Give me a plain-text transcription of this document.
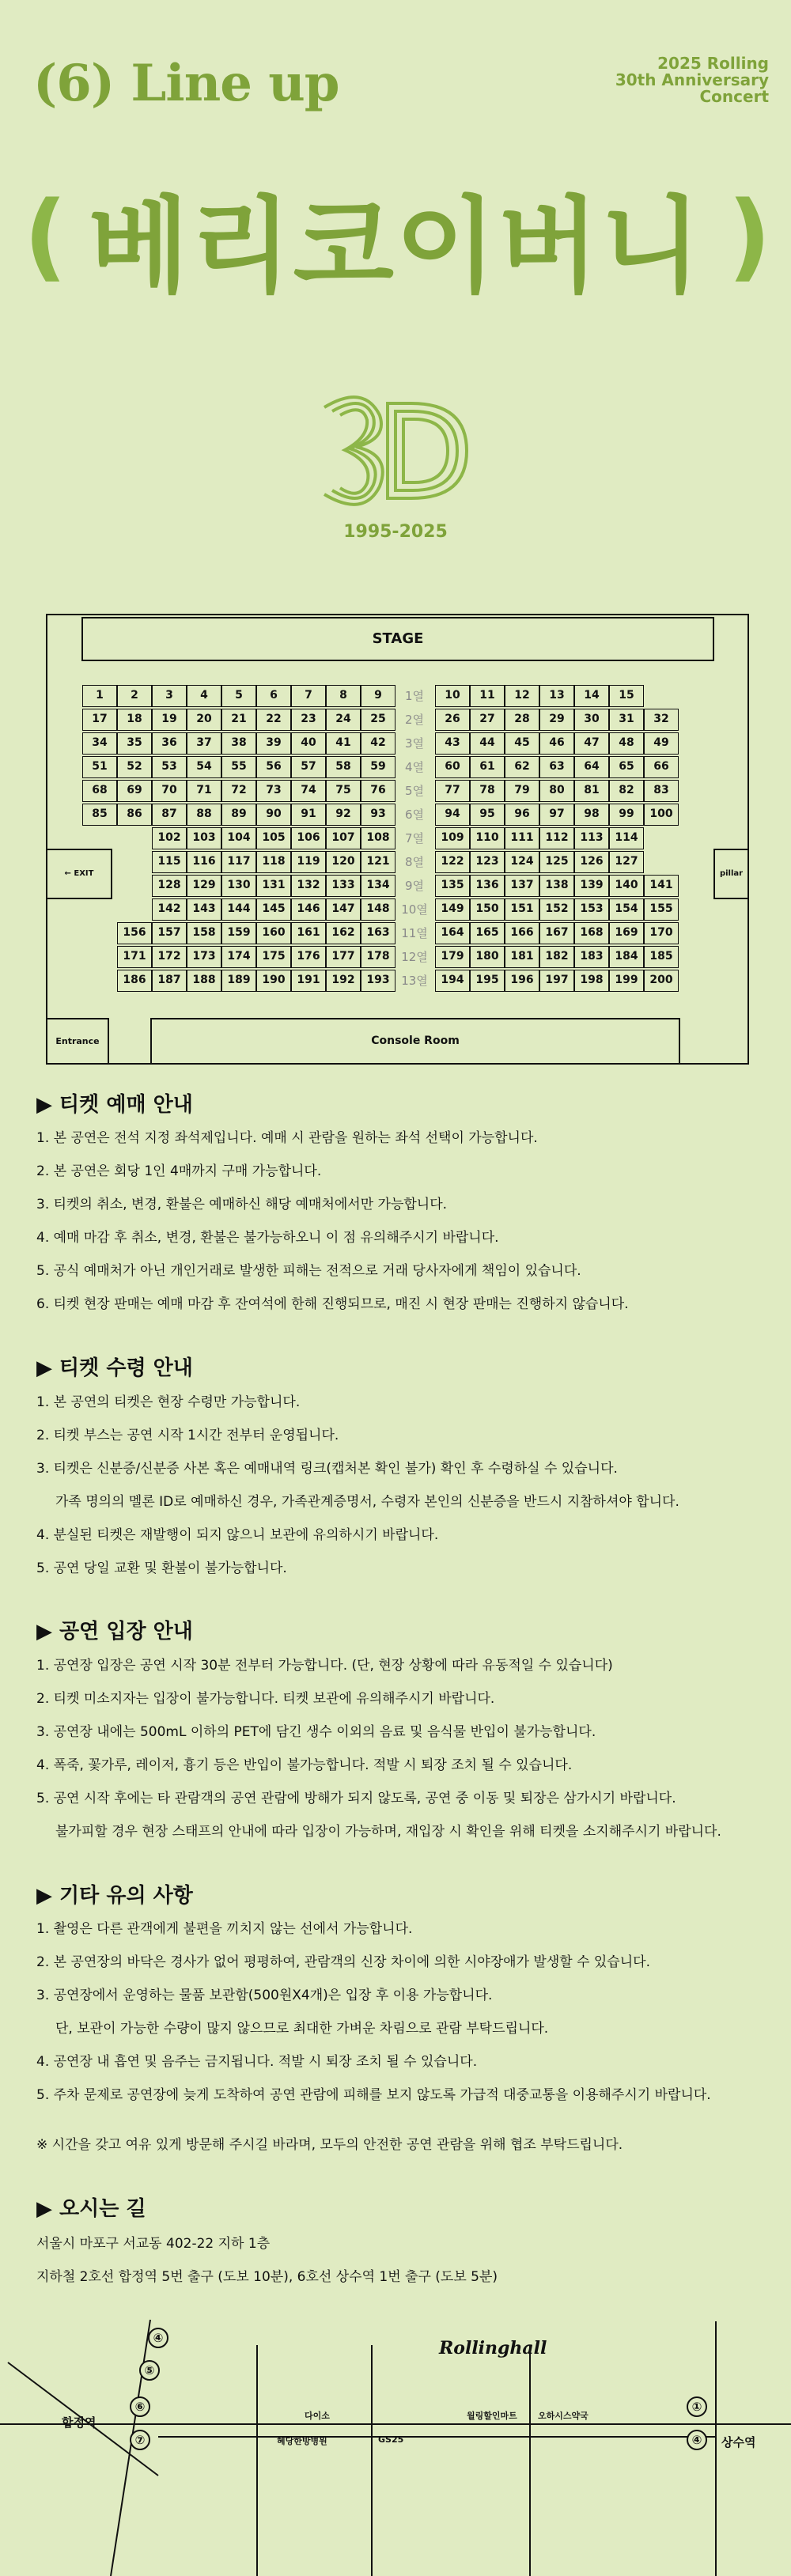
(6) Line up	2025 Rolling
30th Anniversary
Concert
( 베리코이버니 )
1995-2025
STAGE
← EXIT	pillar
Entrance	Console Room
1	2	3	4	5	6	7	8	9	10	11	12	13	14	15
1열
17	18	19	20	21	22	23	24	25	26	27	28	29	30	31	32
2열
34	35	36	37	38	39	40	41	42	43	44	45	46	47	48	49
3열
51	52	53	54	55	56	57	58	59	60	61	62	63	64	65	66
4열
68	69	70	71	72	73	74	75	76	77	78	79	80	81	82	83
5열
85	86	87	88	89	90	91	92	93	94	95	96	97	98	99	100
6열
102	103	104	105	106	107	108	109	110	111	112	113	114
7열
115	116	117	118	119	120	121	122	123	124	125	126	127
8열
128	129	130	131	132	133	134	135	136	137	138	139	140	141
9열
142	143	144	145	146	147	148	149	150	151	152	153	154	155
10열
156	157	158	159	160	161	162	163	164	165	166	167	168	169	170
11열
171	172	173	174	175	176	177	178	179	180	181	182	183	184	185
12열
186	187	188	189	190	191	192	193	194	195	196	197	198	199	200
13열
▶ 티켓 예매 안내
1. 본 공연은 전석 지정 좌석제입니다. 예매 시 관람을 원하는 좌석 선택이 가능합니다.
2. 본 공연은 회당 1인 4매까지 구매 가능합니다.
3. 티켓의 취소, 변경, 환불은 예매하신 해당 예매처에서만 가능합니다.
4. 예매 마감 후 취소, 변경, 환불은 불가능하오니 이 점 유의해주시기 바랍니다.
5. 공식 예매처가 아닌 개인거래로 발생한 피해는 전적으로 거래 당사자에게 책임이 있습니다.
6. 티켓 현장 판매는 예매 마감 후 잔여석에 한해 진행되므로, 매진 시 현장 판매는 진행하지 않습니다.
▶ 티켓 수령 안내
1. 본 공연의 티켓은 현장 수령만 가능합니다.
2. 티켓 부스는 공연 시작 1시간 전부터 운영됩니다.
3. 티켓은 신분증/신분증 사본 혹은 예매내역 링크(캡처본 확인 불가) 확인 후 수령하실 수 있습니다.
가족 명의의 멜론 ID로 예매하신 경우, 가족관계증명서, 수령자 본인의 신분증을 반드시 지참하셔야 합니다.
4. 분실된 티켓은 재발행이 되지 않으니 보관에 유의하시기 바랍니다.
5. 공연 당일 교환 및 환불이 불가능합니다.
▶ 공연 입장 안내
1. 공연장 입장은 공연 시작 30분 전부터 가능합니다. (단, 현장 상황에 따라 유동적일 수 있습니다)
2. 티켓 미소지자는 입장이 불가능합니다. 티켓 보관에 유의해주시기 바랍니다.
3. 공연장 내에는 500mL 이하의 PET에 담긴 생수 이외의 음료 및 음식물 반입이 불가능합니다.
4. 폭죽, 꽃가루, 레이저, 흉기 등은 반입이 불가능합니다. 적발 시 퇴장 조치 될 수 있습니다.
5. 공연 시작 후에는 타 관람객의 공연 관람에 방해가 되지 않도록, 공연 중 이동 및 퇴장은 삼가시기 바랍니다.
불가피할 경우 현장 스태프의 안내에 따라 입장이 가능하며, 재입장 시 확인을 위해 티켓을 소지해주시기 바랍니다.
▶ 기타 유의 사항
1. 촬영은 다른 관객에게 불편을 끼치지 않는 선에서 가능합니다.
2. 본 공연장의 바닥은 경사가 없어 평평하여, 관람객의 신장 차이에 의한 시야장애가 발생할 수 있습니다.
3. 공연장에서 운영하는 물품 보관함(500원X4개)은 입장 후 이용 가능합니다.
단, 보관이 가능한 수량이 많지 않으므로 최대한 가벼운 차림으로 관람 부탁드립니다.
4. 공연장 내 흡연 및 음주는 금지됩니다. 적발 시 퇴장 조치 될 수 있습니다.
5. 주차 문제로 공연장에 늦게 도착하여 공연 관람에 피해를 보지 않도록 가급적 대중교통을 이용해주시기 바랍니다.
※ 시간을 갖고 여유 있게 방문해 주시길 바라며, 모두의 안전한 공연 관람을 위해 협조 부탁드립니다.
▶ 오시는 길
서울시 마포구 서교동 402-22 지하 1층
지하철 2호선 합정역 5번 출구 (도보 10분), 6호선 상수역 1번 출구 (도보 5분)
Rollinghall
합정역
상수역
다이소
혜당한방병원	GS25
월링할인마트 오하시스약국
④
⑤
⑥
⑦
①
④
